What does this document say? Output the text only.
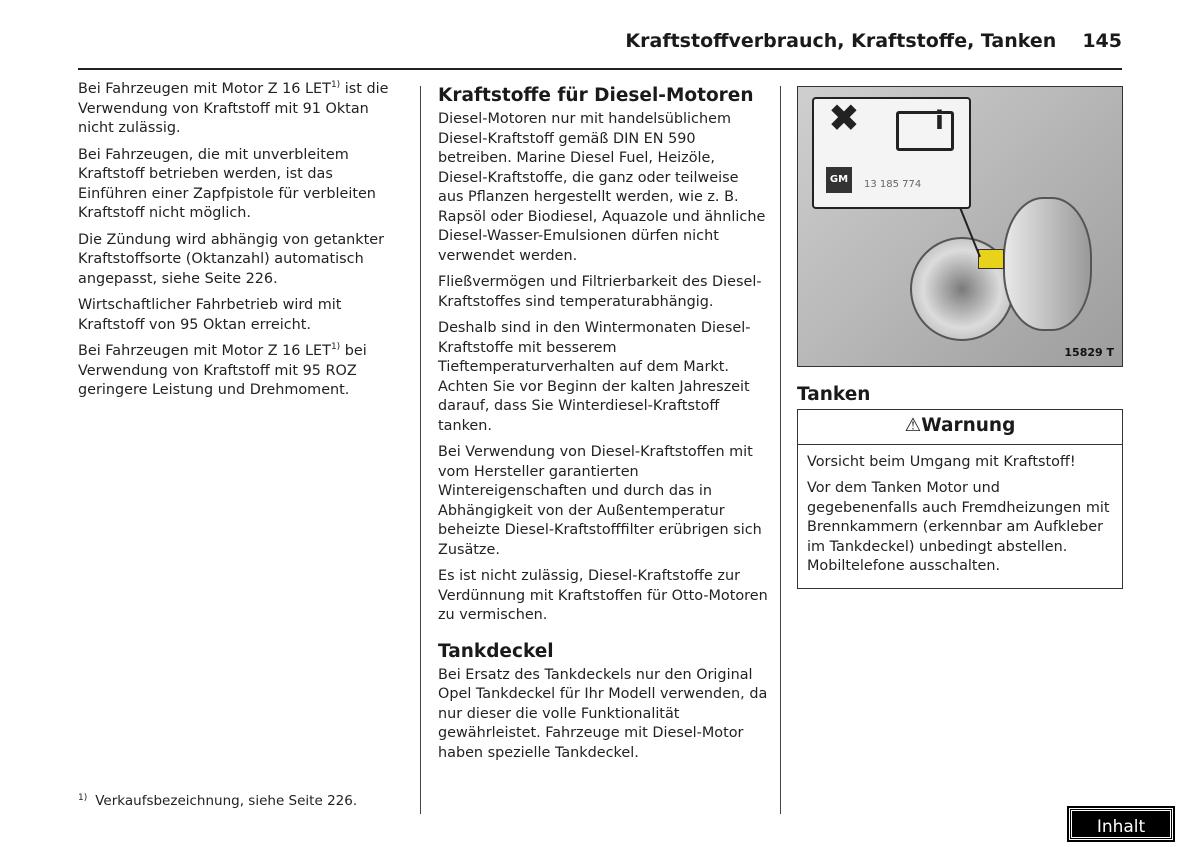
Kraftstoffverbrauch, Kraftstoffe, Tanken 145

Bei Fahrzeugen mit Motor Z 16 LET$^{1)}$ ist die Verwendung von Kraftstoff mit 91 Oktan nicht zulässig.

Bei Fahrzeugen, die mit unverbleitem Kraftstoff betrieben werden, ist das Einführen einer Zapfpistole für verbleiten Kraftstoff nicht möglich.

Die Zündung wird abhängig von getankter Kraftstoffsorte (Oktanzahl) automatisch angepasst, siehe Seite 226.

Wirtschaftlicher Fahrbetrieb wird mit Kraftstoff von 95 Oktan erreicht.

Bei Fahrzeugen mit Motor Z 16 LET$^{1)}$ bei Verwendung von Kraftstoff mit 95 ROZ geringere Leistung und Drehmoment.

Kraftstoffe für Diesel-Motoren

Diesel-Motoren nur mit handelsüblichem Diesel-Kraftstoff gemäß DIN EN 590 betreiben. Marine Diesel Fuel, Heizöle, Diesel-Kraftstoffe, die ganz oder teilweise aus Pflanzen hergestellt werden, wie z. B. Rapsöl oder Biodiesel, Aquazole und ähnliche Diesel-Wasser-Emulsionen dürfen nicht verwendet werden.

Fließvermögen und Filtrierbarkeit des Diesel-Kraftstoffes sind temperaturabhängig.

Deshalb sind in den Wintermonaten Diesel-Kraftstoffe mit besserem Tieftemperaturverhalten auf dem Markt. Achten Sie vor Beginn der kalten Jahreszeit darauf, dass Sie Winterdiesel-Kraftstoff tanken.

Bei Verwendung von Diesel-Kraftstoffen mit vom Hersteller garantierten Wintereigenschaften und durch das in Abhängigkeit von der Außentemperatur beheizte Diesel-Kraftstofffilter erübrigen sich Zusätze.

Es ist nicht zulässig, Diesel-Kraftstoffe zur Verdünnung mit Kraftstoffen für Otto-Motoren zu vermischen.

Tankdeckel

Bei Ersatz des Tankdeckels nur den Original Opel Tankdeckel für Ihr Modell verwenden, da nur dieser die volle Funktionalität gewährleistet. Fahrzeuge mit Diesel-Motor haben spezielle Tankdeckel.

✖
i
GM	13 185 774
15829 T
Tanken
⚠Warnung

Vorsicht beim Umgang mit Kraftstoff!

Vor dem Tanken Motor und gegebenenfalls auch Fremdheizungen mit Brennkammern (erkennbar am Aufkleber im Tankdeckel) unbedingt abstellen. Mobiltelefone ausschalten.

$^{1)}$ Verkaufsbezeichnung, siehe Seite 226.
Inhalt
